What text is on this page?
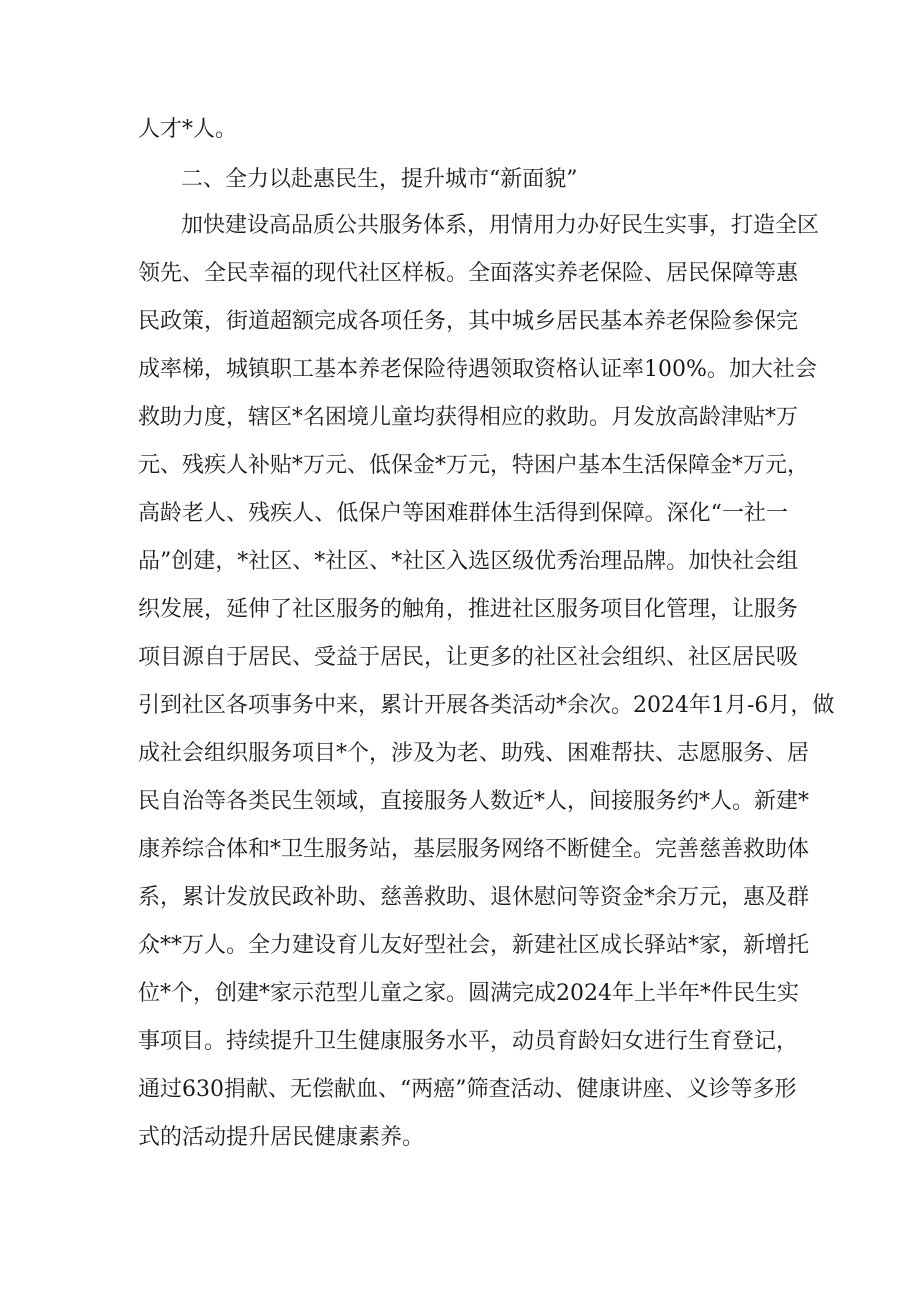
人才*人。

二、全力以赴惠民生，提升城市“新面貌”

加快建设高品质公共服务体系，用情用力办好民生实事，打造全区

领先、全民幸福的现代社区样板。全面落实养老保险、居民保障等惠

民政策，街道超额完成各项任务，其中城乡居民基本养老保险参保完

成率梯，城镇职工基本养老保险待遇领取资格认证率100%。加大社会

救助力度，辖区*名困境儿童均获得相应的救助。月发放高龄津贴*万

元、残疾人补贴*万元、低保金*万元，特困户基本生活保障金*万元，

高龄老人、残疾人、低保户等困难群体生活得到保障。深化“一社一

品”创建，*社区、*社区、*社区入选区级优秀治理品牌。加快社会组

织发展，延伸了社区服务的触角，推进社区服务项目化管理，让服务

项目源自于居民、受益于居民，让更多的社区社会组织、社区居民吸

引到社区各项事务中来，累计开展各类活动*余次。2024年1月-6月，做

成社会组织服务项目*个，涉及为老、助残、困难帮扶、志愿服务、居

民自治等各类民生领域，直接服务人数近*人，间接服务约*人。新建*

康养综合体和*卫生服务站，基层服务网络不断健全。完善慈善救助体

系，累计发放民政补助、慈善救助、退休慰问等资金*余万元，惠及群

众**万人。全力建设育儿友好型社会，新建社区成长驿站*家，新增托

位*个，创建*家示范型儿童之家。圆满完成2024年上半年*件民生实

事项目。持续提升卫生健康服务水平，动员育龄妇女进行生育登记，

通过630捐献、无偿献血、“两癌”筛查活动、健康讲座、义诊等多形

式的活动提升居民健康素养。
